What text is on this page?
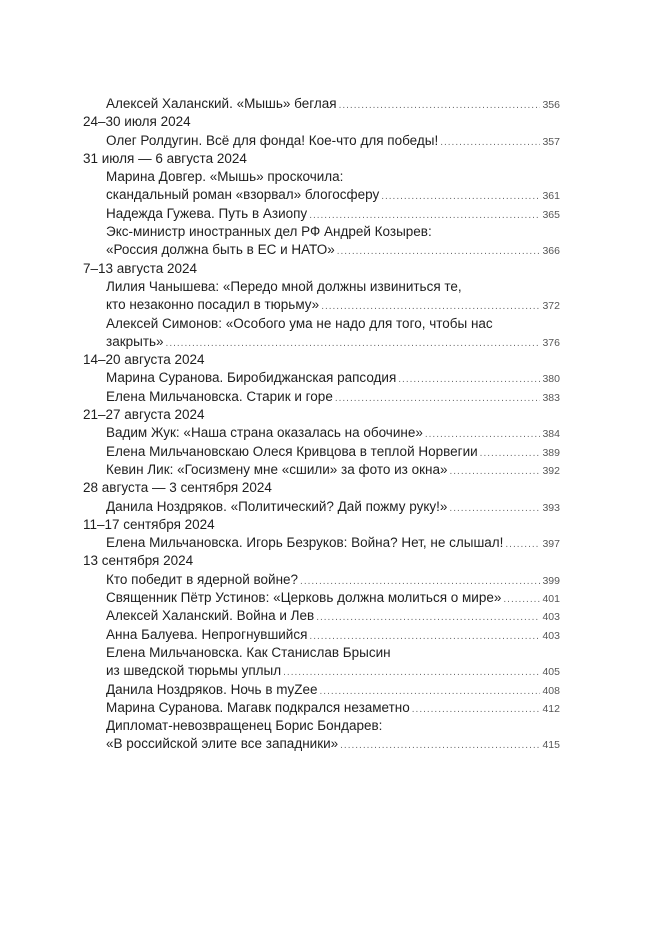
Алексей Халанский. «Мышь» беглая .....	356
24–30 июля 2024
Олег Ролдугин. Всё для фонда! Кое-что для победы! .....	357
31 июля — 6 августа 2024
Марина Довгер. «Мышь» проскочила:
скандальный роман «взорвал» блогосферу .....	361
Надежда Гужева. Путь в Азиопу .....	365
Экс-министр иностранных дел РФ Андрей Козырев:
«Россия должна быть в ЕС и НАТО» .....	366
7–13 августа 2024
Лилия Чанышева: «Передо мной должны извиниться те,
кто незаконно посадил в тюрьму» .....	372
Алексей Симонов: «Особого ума не надо для того, чтобы нас
закрыть» .....	376
14–20 августа 2024
Марина Суранова. Биробиджанская рапсодия .....	380
Елена Мильчановска. Старик и горе .....	383
21–27 августа 2024
Вадим Жук: «Наша страна оказалась на обочине» .....	384
Елена Мильчановскаю Олеся Кривцова в теплой Норвегии .....	389
Кевин Лик: «Госизмену мне «сшили» за фото из окна» .....	392
28 августа — 3 сентября 2024
Данила Ноздряков. «Политический? Дай пожму руку!» .....	393
11–17 сентября 2024
Елена Мильчановска. Игорь Безруков: Война? Нет, не слышал! .....	397
13 сентября 2024
Кто победит в ядерной войне? .....	399
Священник Пётр Устинов: «Церковь должна молиться о мире» .....	401
Алексей Халанский. Война и Лев .....	403
Анна Балуева. Непрогнувшийся .....	403
Елена Мильчановска. Как Станислав Брысин
из шведской тюрьмы уплыл .....	405
Данила Ноздряков. Ночь в myZee .....	408
Марина Суранова. Магавк подкрался незаметно .....	412
Дипломат-невозвращенец Борис Бондарев:
«В российской элите все западники» .....	415
